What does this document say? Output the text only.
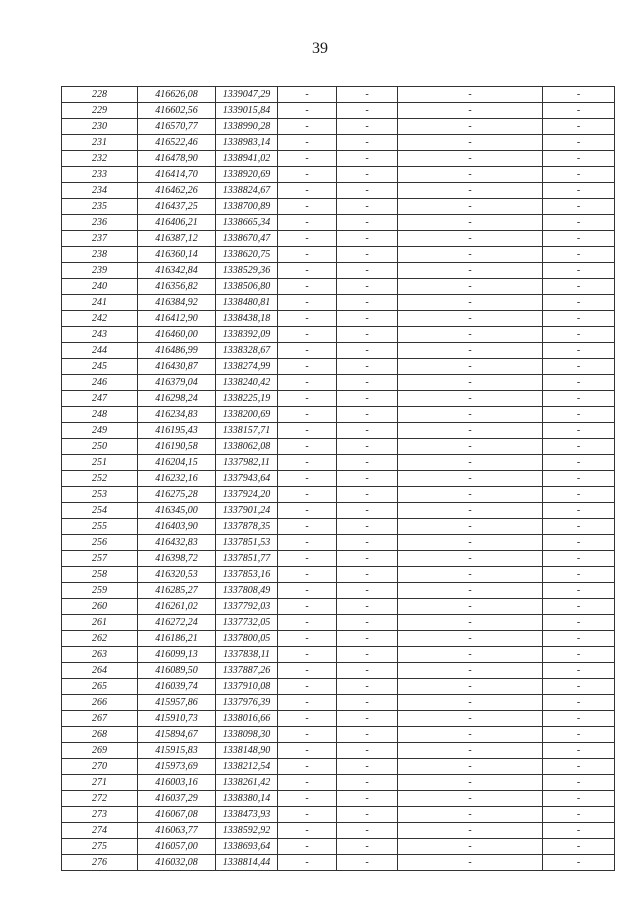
39
228	416626,08	1339047,29	-	-	-	-
229	416602,56	1339015,84	-	-	-	-
230	416570,77	1338990,28	-	-	-	-
231	416522,46	1338983,14	-	-	-	-
232	416478,90	1338941,02	-	-	-	-
233	416414,70	1338920,69	-	-	-	-
234	416462,26	1338824,67	-	-	-	-
235	416437,25	1338700,89	-	-	-	-
236	416406,21	1338665,34	-	-	-	-
237	416387,12	1338670,47	-	-	-	-
238	416360,14	1338620,75	-	-	-	-
239	416342,84	1338529,36	-	-	-	-
240	416356,82	1338506,80	-	-	-	-
241	416384,92	1338480,81	-	-	-	-
242	416412,90	1338438,18	-	-	-	-
243	416460,00	1338392,09	-	-	-	-
244	416486,99	1338328,67	-	-	-	-
245	416430,87	1338274,99	-	-	-	-
246	416379,04	1338240,42	-	-	-	-
247	416298,24	1338225,19	-	-	-	-
248	416234,83	1338200,69	-	-	-	-
249	416195,43	1338157,71	-	-	-	-
250	416190,58	1338062,08	-	-	-	-
251	416204,15	1337982,11	-	-	-	-
252	416232,16	1337943,64	-	-	-	-
253	416275,28	1337924,20	-	-	-	-
254	416345,00	1337901,24	-	-	-	-
255	416403,90	1337878,35	-	-	-	-
256	416432,83	1337851,53	-	-	-	-
257	416398,72	1337851,77	-	-	-	-
258	416320,53	1337853,16	-	-	-	-
259	416285,27	1337808,49	-	-	-	-
260	416261,02	1337792,03	-	-	-	-
261	416272,24	1337732,05	-	-	-	-
262	416186,21	1337800,05	-	-	-	-
263	416099,13	1337838,11	-	-	-	-
264	416089,50	1337887,26	-	-	-	-
265	416039,74	1337910,08	-	-	-	-
266	415957,86	1337976,39	-	-	-	-
267	415910,73	1338016,66	-	-	-	-
268	415894,67	1338098,30	-	-	-	-
269	415915,83	1338148,90	-	-	-	-
270	415973,69	1338212,54	-	-	-	-
271	416003,16	1338261,42	-	-	-	-
272	416037,29	1338380,14	-	-	-	-
273	416067,08	1338473,93	-	-	-	-
274	416063,77	1338592,92	-	-	-	-
275	416057,00	1338693,64	-	-	-	-
276	416032,08	1338814,44	-	-	-	-
